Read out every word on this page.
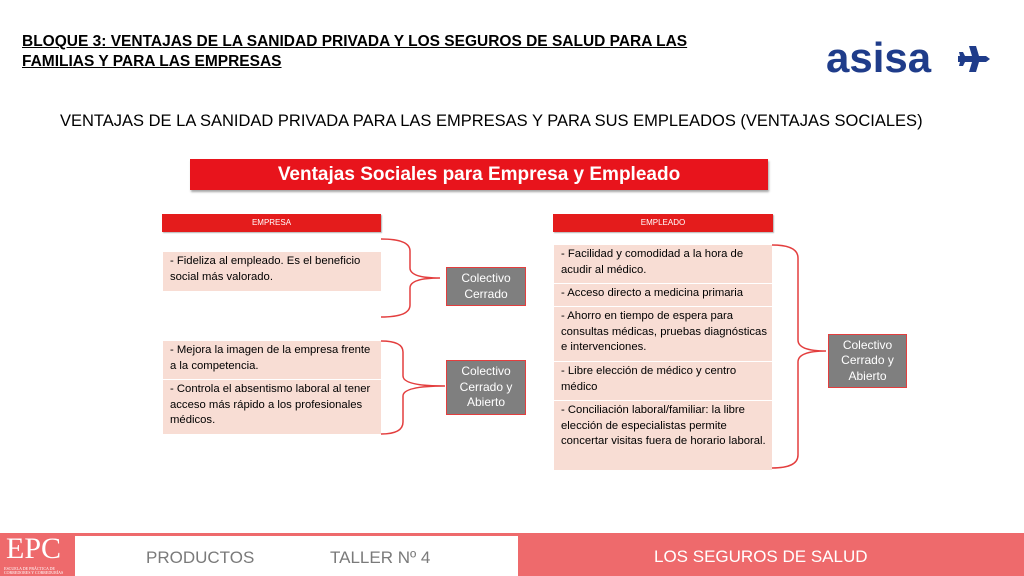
BLOQUE 3: VENTAJAS DE LA SANIDAD PRIVADA Y LOS SEGUROS DE SALUD PARA LAS FAMILIAS Y PARA LAS EMPRESAS	asisa
VENTAJAS DE LA SANIDAD PRIVADA PARA LAS EMPRESAS Y PARA SUS EMPLEADOS (VENTAJAS SOCIALES)
Ventajas Sociales para Empresa y Empleado
EMPRESA
- Fideliza al empleado. Es el beneficio social más valorado.
- Mejora la imagen de la empresa frente a la competencia.
- Controla el absentismo laboral al tener acceso más rápido a los profesionales médicos.
EMPLEADO
- Facilidad y comodidad a la hora de acudir al médico.
- Acceso directo a medicina primaria
- Ahorro en tiempo de espera para consultas médicas, pruebas diagnósticas e intervenciones.
- Libre elección de médico y centro médico
- Conciliación laboral/familiar: la libre elección de especialistas permite concertar visitas fuera de horario laboral.
Colectivo Cerrado
Colectivo Cerrado y Abierto
Colectivo Cerrado y Abierto
EPC
ESCUELA DE PRÁCTICA DE CORREDORES Y CORREDURÍAS
PRODUCTOS	TALLER Nº 4	LOS SEGUROS DE SALUD
